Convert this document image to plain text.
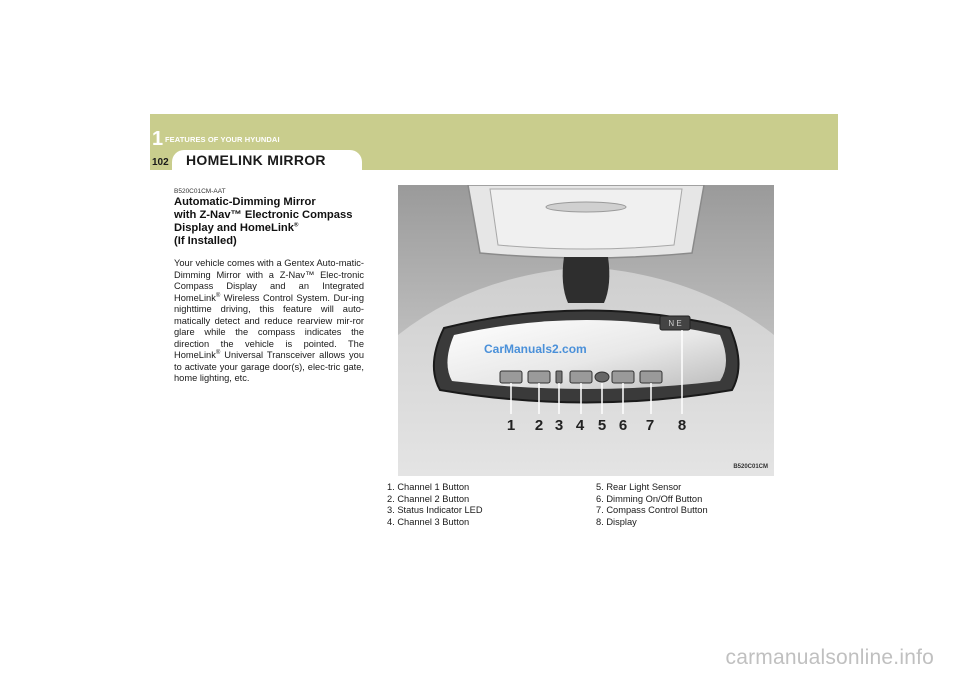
1 FEATURES OF YOUR HYUNDAI
102 HOMELINK MIRROR
B520C01CM-AAT
Automatic-Dimming Mirror
with Z-Nav™ Electronic Compass
Display and HomeLink®
(If Installed)
Your vehicle comes with a Gentex Auto-matic-Dimming Mirror with a Z-Nav™ Elec-tronic Compass Display and an Integrated HomeLink® Wireless Control System. Dur-ing nighttime driving, this feature will auto-matically detect and reduce rearview mir-ror glare while the compass indicates the direction the vehicle is pointed. The HomeLink® Universal Transceiver allows you to activate your garage door(s), elec-tric gate, home lighting, etc.
N E
CarManuals2.com
1 2 3 4 5 6 7 8
B520C01CM
1. Channel 1 Button
2. Channel 2 Button
3. Status Indicator LED
4. Channel 3 Button
5. Rear Light Sensor
6. Dimming On/Off Button
7. Compass Control Button
8. Display
carmanualsonline.info
